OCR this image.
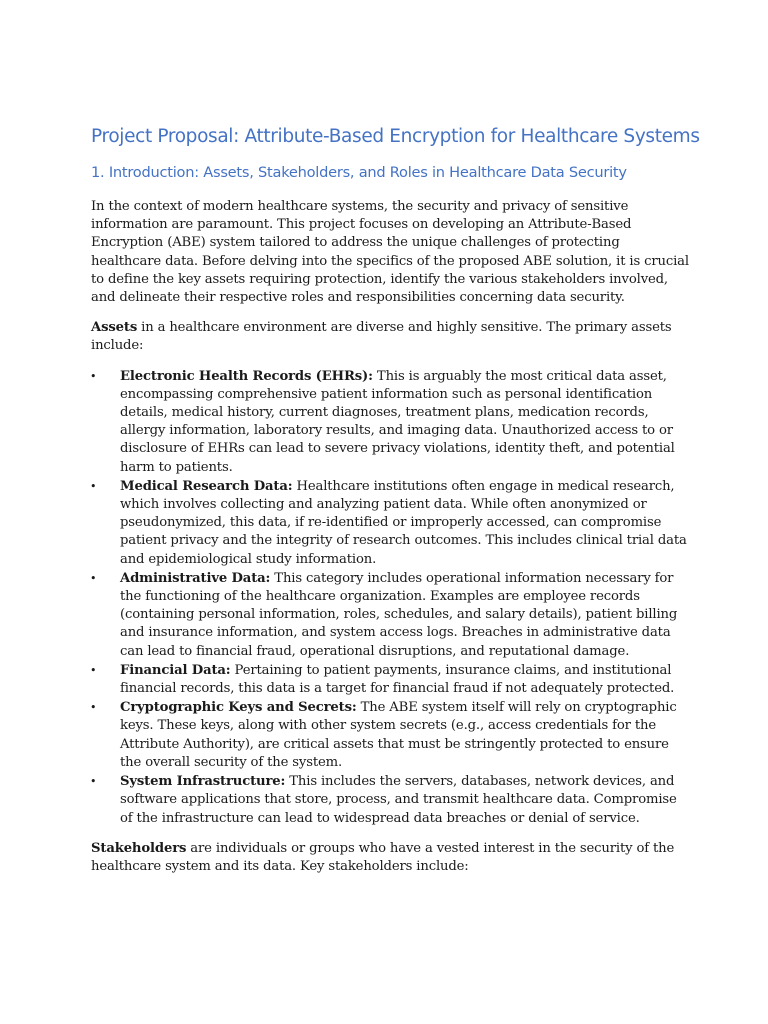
Project Proposal: Attribute-Based Encryption for Healthcare Systems
1. Introduction: Assets, Stakeholders, and Roles in Healthcare Data Security

In the context of modern healthcare systems, the security and privacy of sensitive information are paramount. This project focuses on developing an Attribute-Based Encryption (ABE) system tailored to address the unique challenges of protecting healthcare data. Before delving into the specifics of the proposed ABE solution, it is crucial to define the key assets requiring protection, identify the various stakeholders involved, and delineate their respective roles and responsibilities concerning data security.

Assets in a healthcare environment are diverse and highly sensitive. The primary assets include:

• Electronic Health Records (EHRs): This is arguably the most critical data asset, encompassing comprehensive patient information such as personal identification details, medical history, current diagnoses, treatment plans, medication records, allergy information, laboratory results, and imaging data. Unauthorized access to or disclosure of EHRs can lead to severe privacy violations, identity theft, and potential harm to patients.
• Medical Research Data: Healthcare institutions often engage in medical research, which involves collecting and analyzing patient data. While often anonymized or pseudonymized, this data, if re-identified or improperly accessed, can compromise patient privacy and the integrity of research outcomes. This includes clinical trial data and epidemiological study information.
• Administrative Data: This category includes operational information necessary for the functioning of the healthcare organization. Examples are employee records (containing personal information, roles, schedules, and salary details), patient billing and insurance information, and system access logs. Breaches in administrative data can lead to financial fraud, operational disruptions, and reputational damage.
• Financial Data: Pertaining to patient payments, insurance claims, and institutional financial records, this data is a target for financial fraud if not adequately protected.
• Cryptographic Keys and Secrets: The ABE system itself will rely on cryptographic keys. These keys, along with other system secrets (e.g., access credentials for the Attribute Authority), are critical assets that must be stringently protected to ensure the overall security of the system.
• System Infrastructure: This includes the servers, databases, network devices, and software applications that store, process, and transmit healthcare data. Compromise of the infrastructure can lead to widespread data breaches or denial of service.

Stakeholders are individuals or groups who have a vested interest in the security of the healthcare system and its data. Key stakeholders include:
